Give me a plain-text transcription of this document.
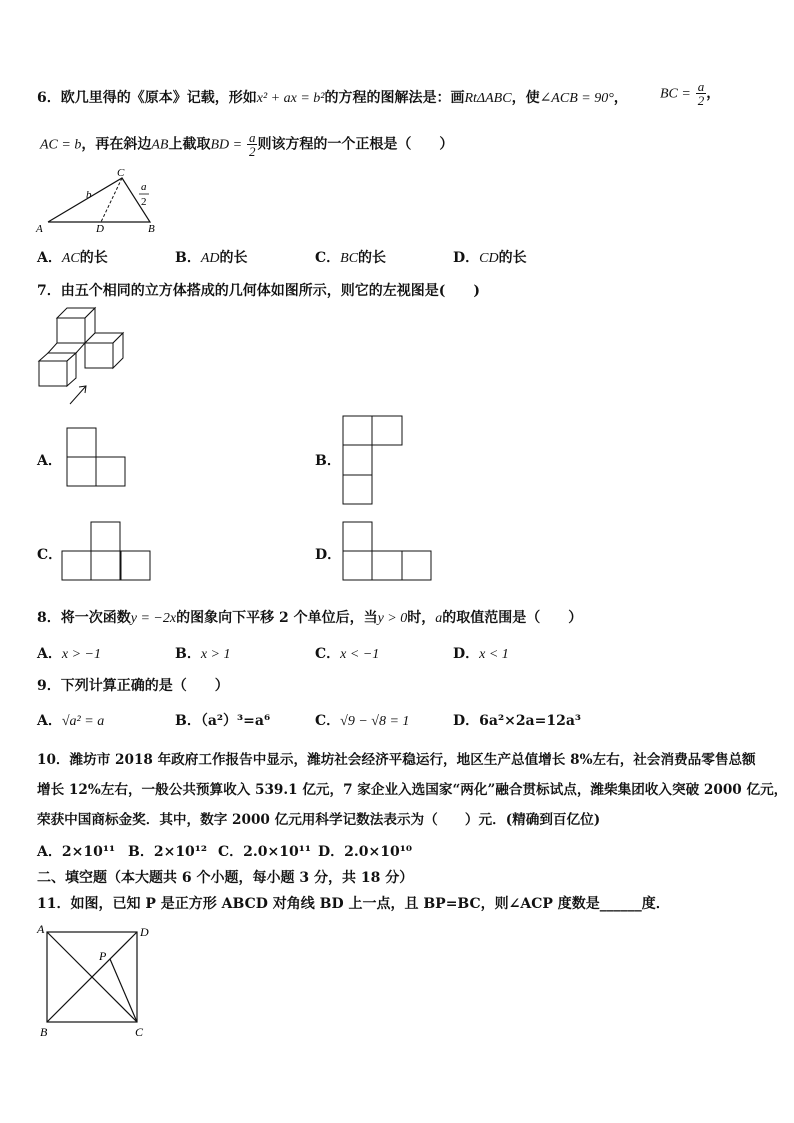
6．欧几里得的《原本》记载，形如x² + ax = b²的方程的图解法是：画RtΔABC，使∠ACB = 90°， BC = $\frac{a}{2}$ ，
AC = b，再在斜边AB上截取BD = $\frac{a}{2}$ 则该方程的一个正根是（　　）
C
A	D	B
b
a
2
A．AC的长	B．AD的长	C．BC的长	D．CD的长
7．由五个相同的立方体搭成的几何体如图所示，则它的左视图是(　　)
A．	B．
C．	D．
8．将一次函数y = −2x的图象向下平移 2 个单位后，当y > 0时，a的取值范围是（　　）
A．x > −1	B．x > 1	C．x < −1	D．x < 1
9．下列计算正确的是（　　）
A．√a² = a	B．（a²）³=a⁶	C．√9 − √8 = 1	D．6a²×2a=12a³
10．潍坊市 2018 年政府工作报告中显示，潍坊社会经济平稳运行，地区生产总值增长 8%左右，社会消费品零售总额
增长 12%左右，一般公共预算收入 539.1 亿元，7 家企业入选国家“两化”融合贯标试点，潍柴集团收入突破 2000 亿元，
荣获中国商标金奖．其中，数字 2000 亿元用科学记数法表示为（　　）元．(精确到百亿位)
A．2×10¹¹ B．2×10¹² C．2.0×10¹¹ D．2.0×10¹⁰
二、填空题（本大题共 6 个小题，每小题 3 分，共 18 分）
11．如图，已知 P 是正方形 ABCD 对角线 BD 上一点，且 BP=BC，则∠ACP 度数是______度．
A	D
B	C
P
